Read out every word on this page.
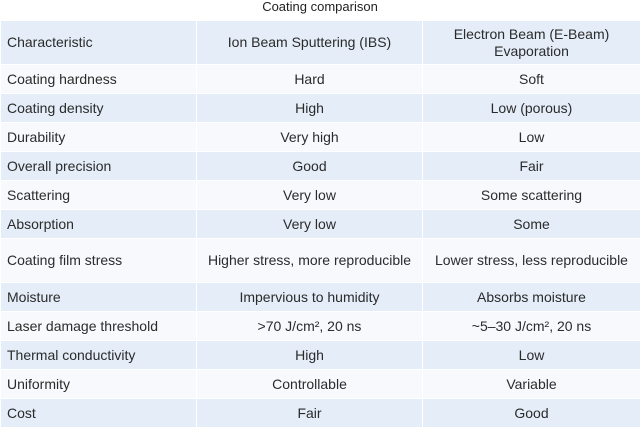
Coating comparison
Characteristic	Ion Beam Sputtering (IBS)	Electron Beam (E-Beam) Evaporation
Coating hardness	Hard	Soft
Coating density	High	Low (porous)
Durability	Very high	Low
Overall precision	Good	Fair
Scattering	Very low	Some scattering
Absorption	Very low	Some
Coating film stress	Higher stress, more reproducible	Lower stress, less reproducible
Moisture	Impervious to humidity	Absorbs moisture
Laser damage threshold	>70 J/cm², 20 ns	~5–30 J/cm², 20 ns
Thermal conductivity	High	Low
Uniformity	Controllable	Variable
Cost	Fair	Good
